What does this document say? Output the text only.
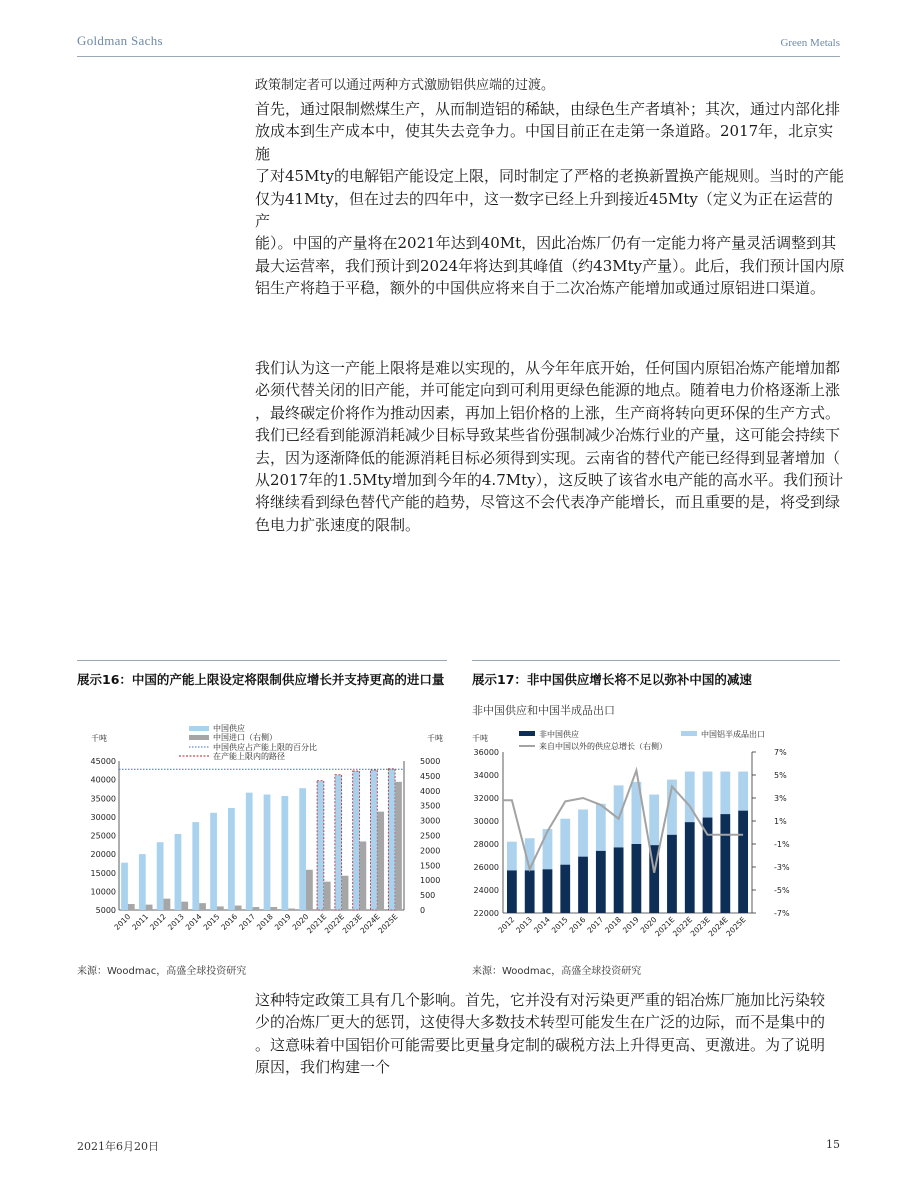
Goldman Sachs	Green Metals
政策制定者可以通过两种方式激励铝供应端的过渡。
首先，通过限制燃煤生产，从而制造铝的稀缺，由绿色生产者填补；其次，通过内部化排
放成本到生产成本中，使其失去竞争力。中国目前正在走第一条道路。2017年，北京实施
了对45Mty的电解铝产能设定上限，同时制定了严格的老换新置换产能规则。当时的产能
仅为41Mty，但在过去的四年中，这一数字已经上升到接近45Mty（定义为正在运营的产
能）。中国的产量将在2021年达到40Mt，因此冶炼厂仍有一定能力将产量灵活调整到其
最大运营率，我们预计到2024年将达到其峰值（约43Mty产量）。此后，我们预计国内原
铝生产将趋于平稳，额外的中国供应将来自于二次冶炼产能增加或通过原铝进口渠道。
我们认为这一产能上限将是难以实现的，从今年年底开始，任何国内原铝冶炼产能增加都
必须代替关闭的旧产能，并可能定向到可利用更绿色能源的地点。随着电力价格逐渐上涨
，最终碳定价将作为推动因素，再加上铝价格的上涨，生产商将转向更环保的生产方式。
我们已经看到能源消耗减少目标导致某些省份强制减少冶炼行业的产量，这可能会持续下
去，因为逐渐降低的能源消耗目标必须得到实现。云南省的替代产能已经得到显著增加（
从2017年的1.5Mty增加到今年的4.7Mty），这反映了该省水电产能的高水平。我们预计
将继续看到绿色替代产能的趋势，尽管这不会代表净产能增长，而且重要的是，将受到绿
色电力扩张速度的限制。
展示16：中国的产能上限设定将限制供应增长并支持更高的进口量 展示17：非中国供应增长将不足以弥补中国的减速
非中国供应和中国半成品出口
5000
10000
15000
20000
25000
30000
35000
40000
45000
0
500
1000
1500
2000
2500
3000
3500
4000
4500
5000
千吨	千吨
2010
2011
2012
2013
2014
2015
2016
2017
2018
2019
2020
2021E
2022E
2023E
2024E
2025E
中国供应
中国进口（右侧）
中国供应占产能上限的百分比
在产能上限内的路径
22000
24000
26000
28000
30000
32000
34000
36000
-7%
-5%
-3%
-1%
1%
3%
5%
7%
千吨
2012
2013
2014
2015
2016
2017
2018
2019
2020
2021E
2022E
2023E
2024E
2025E
非中国供应	中国铝半成品出口
来自中国以外的供应总增长（右侧）
来源：Woodmac，高盛全球投资研究	来源：Woodmac，高盛全球投资研究
这种特定政策工具有几个影响。首先，它并没有对污染更严重的铝冶炼厂施加比污染较
少的冶炼厂更大的惩罚，这使得大多数技术转型可能发生在广泛的边际，而不是集中的
。这意味着中国铝价可能需要比更量身定制的碳税方法上升得更高、更激进。为了说明
原因，我们构建一个
2021年6月20日	15
